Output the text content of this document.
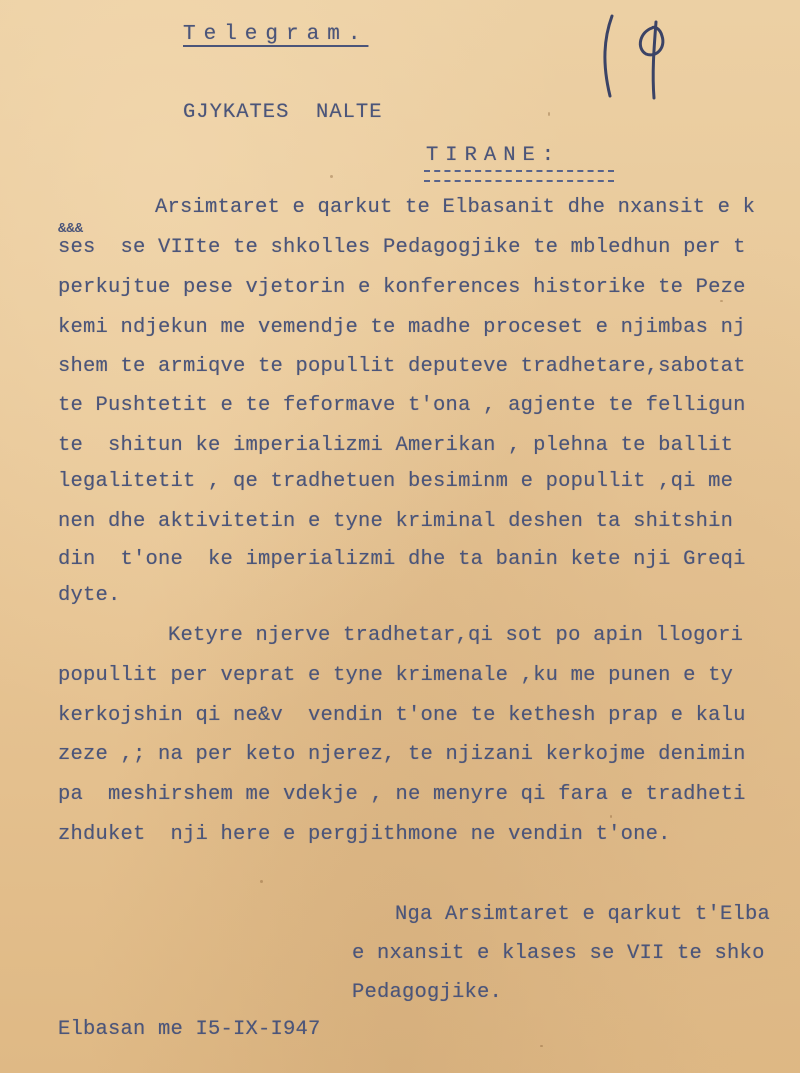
Telegram.
GJYKATES  NALTE
TIRANE:
&&&
Arsimtaret e qarkut te Elbasanit dhe nxansit e k
ses  se VIIte te shkolles Pedagogjike te mbledhun per t
perkujtue pese vjetorin e konferences historike te Peze
kemi ndjekun me vemendje te madhe proceset e njimbas nj
shem te armiqve te popullit deputeve tradhetare,sabotat
te Pushtetit e te feformave t'ona , agjente te felligun
te  shitun ke imperializmi Amerikan , plehna te ballit
legalitetit , qe tradhetuen besiminm e popullit ,qi me
nen dhe aktivitetin e tyne kriminal deshen ta shitshin
din  t'one  ke imperializmi dhe ta banin kete nji Greqi
dyte.
Ketyre njerve tradhetar,qi sot po apin llogori
popullit per veprat e tyne krimenale ,ku me punen e ty
kerkojshin qi ne&v  vendin t'one te kethesh prap e kalu
zeze ,; na per keto njerez, te njizani kerkojme denimin
pa  meshirshem me vdekje , ne menyre qi fara e tradheti
zhduket  nji here e pergjithmone ne vendin t'one.
Nga Arsimtaret e qarkut t'Elba
e nxansit e klases se VII te shko
Pedagogjike.
Elbasan me I5-IX-I947
